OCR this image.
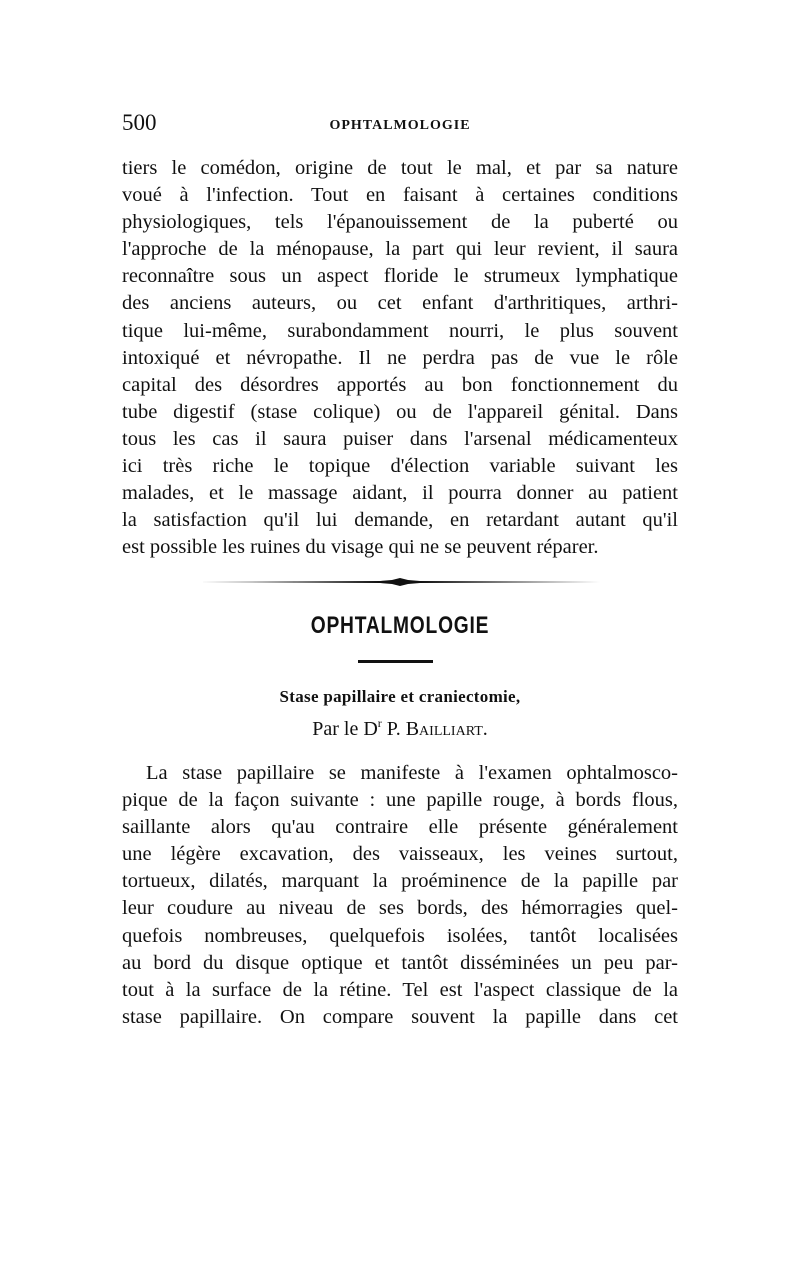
500	OPHTALMOLOGIE

tiers le comédon, origine de tout le mal, et par sa nature
voué à l'infection. Tout en faisant à certaines conditions
physiologiques, tels l'épanouissement de la puberté ou
l'approche de la ménopause, la part qui leur revient, il saura
reconnaître sous un aspect floride le strumeux lymphatique
des anciens auteurs, ou cet enfant d'arthritiques, arthri-
tique lui-même, surabondamment nourri, le plus souvent
intoxiqué et névropathe. Il ne perdra pas de vue le rôle
capital des désordres apportés au bon fonctionnement du
tube digestif (stase colique) ou de l'appareil génital. Dans
tous les cas il saura puiser dans l'arsenal médicamenteux
ici très riche le topique d'élection variable suivant les
malades, et le massage aidant, il pourra donner au patient
la satisfaction qu'il lui demande, en retardant autant qu'il
est possible les ruines du visage qui ne se peuvent réparer.

OPHTALMOLOGIE
Stase papillaire et craniectomie,
Par le $D^r$ P. Bailliart.

La stase papillaire se manifeste à l'examen ophtalmosco-
pique de la façon suivante : une papille rouge, à bords flous,
saillante alors qu'au contraire elle présente généralement
une légère excavation, des vaisseaux, les veines surtout,
tortueux, dilatés, marquant la proéminence de la papille par
leur coudure au niveau de ses bords, des hémorragies quel-
quefois nombreuses, quelquefois isolées, tantôt localisées
au bord du disque optique et tantôt disséminées un peu par-
tout à la surface de la rétine. Tel est l'aspect classique de la
stase papillaire. On compare souvent la papille dans cet
